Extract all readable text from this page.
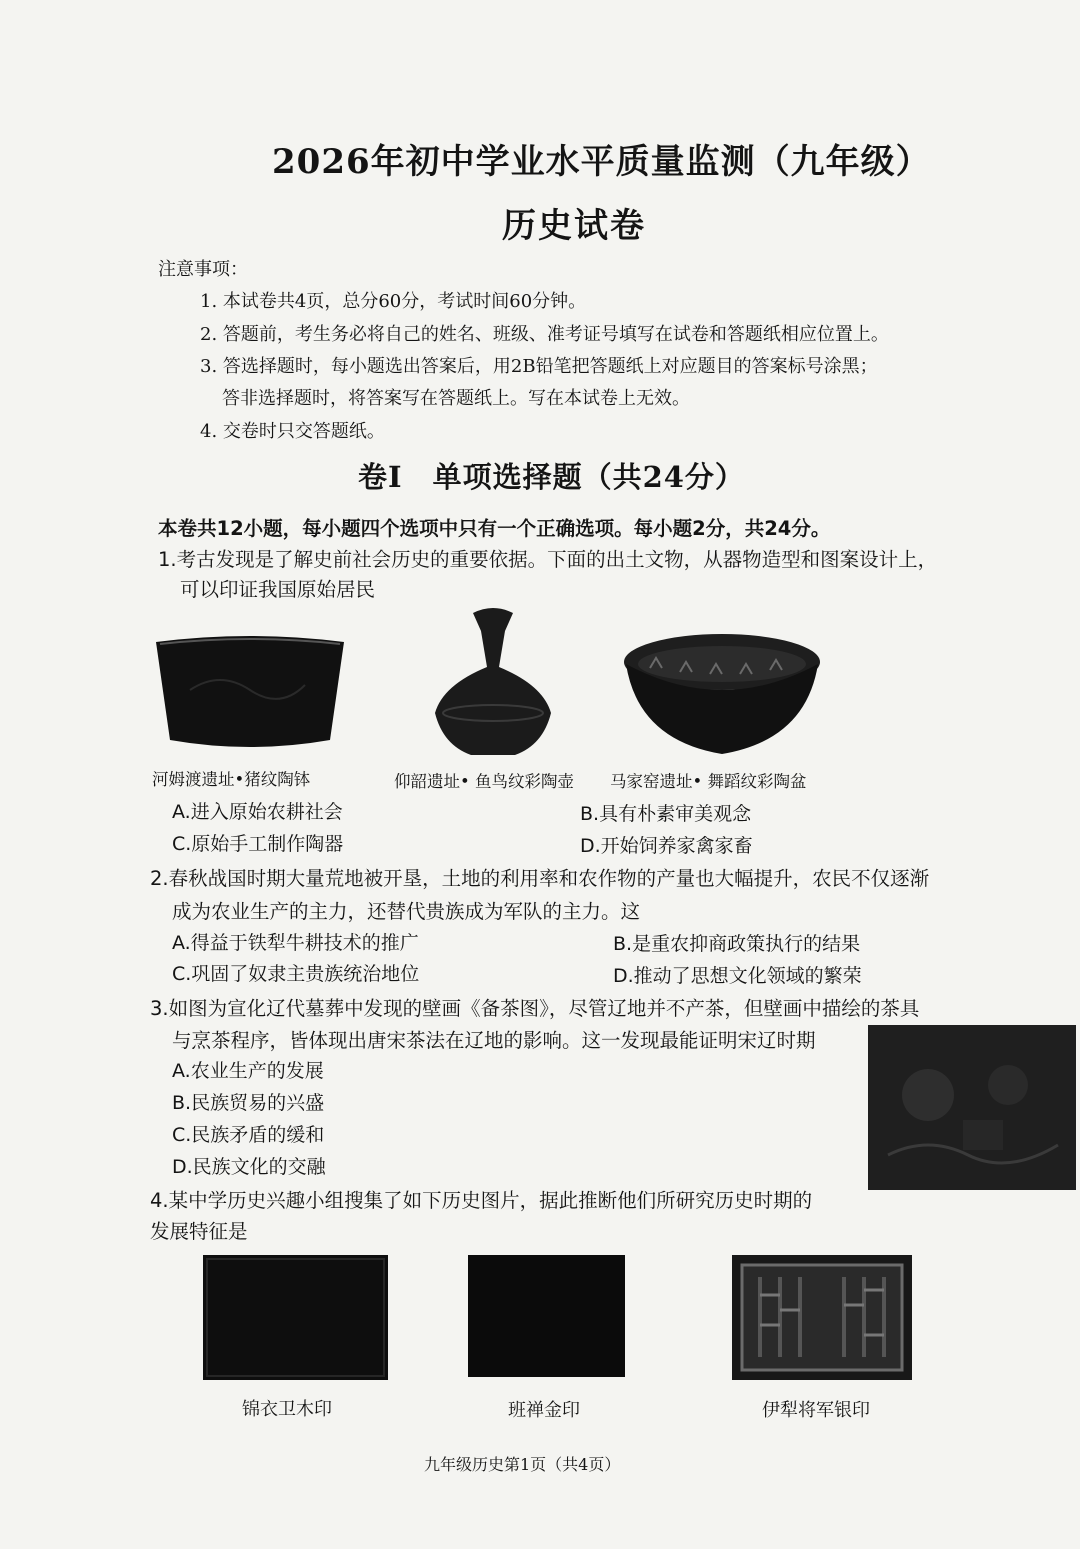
2026年初中学业水平质量监测（九年级）
历史试卷
注意事项：
1. 本试卷共4页，总分60分，考试时间60分钟。
2. 答题前，考生务必将自己的姓名、班级、准考证号填写在试卷和答题纸相应位置上。
3. 答选择题时，每小题选出答案后，用2B铅笔把答题纸上对应题目的答案标号涂黑；
答非选择题时，将答案写在答题纸上。写在本试卷上无效。
4. 交卷时只交答题纸。
卷Ⅰ　单项选择题（共24分）
本卷共12小题，每小题四个选项中只有一个正确选项。每小题2分，共24分。
1.考古发现是了解史前社会历史的重要依据。下面的出土文物，从器物造型和图案设计上，
可以印证我国原始居民
河姆渡遗址•猪纹陶钵	仰韶遗址• 鱼鸟纹彩陶壶 马家窑遗址• 舞蹈纹彩陶盆
A.进入原始农耕社会	B.具有朴素审美观念
C.原始手工制作陶器	D.开始饲养家禽家畜
2.春秋战国时期大量荒地被开垦，土地的利用率和农作物的产量也大幅提升，农民不仅逐渐
成为农业生产的主力，还替代贵族成为军队的主力。这
A.得益于铁犁牛耕技术的推广	B.是重农抑商政策执行的结果
C.巩固了奴隶主贵族统治地位	D.推动了思想文化领域的繁荣
3.如图为宣化辽代墓葬中发现的壁画《备茶图》，尽管辽地并不产茶，但壁画中描绘的茶具
与烹茶程序，皆体现出唐宋茶法在辽地的影响。这一发现最能证明宋辽时期
A.农业生产的发展
B.民族贸易的兴盛
C.民族矛盾的缓和
D.民族文化的交融
4.某中学历史兴趣小组搜集了如下历史图片，据此推断他们所研究历史时期的
发展特征是
锦衣卫木印	班禅金印	伊犁将军银印
九年级历史第1页（共4页）
